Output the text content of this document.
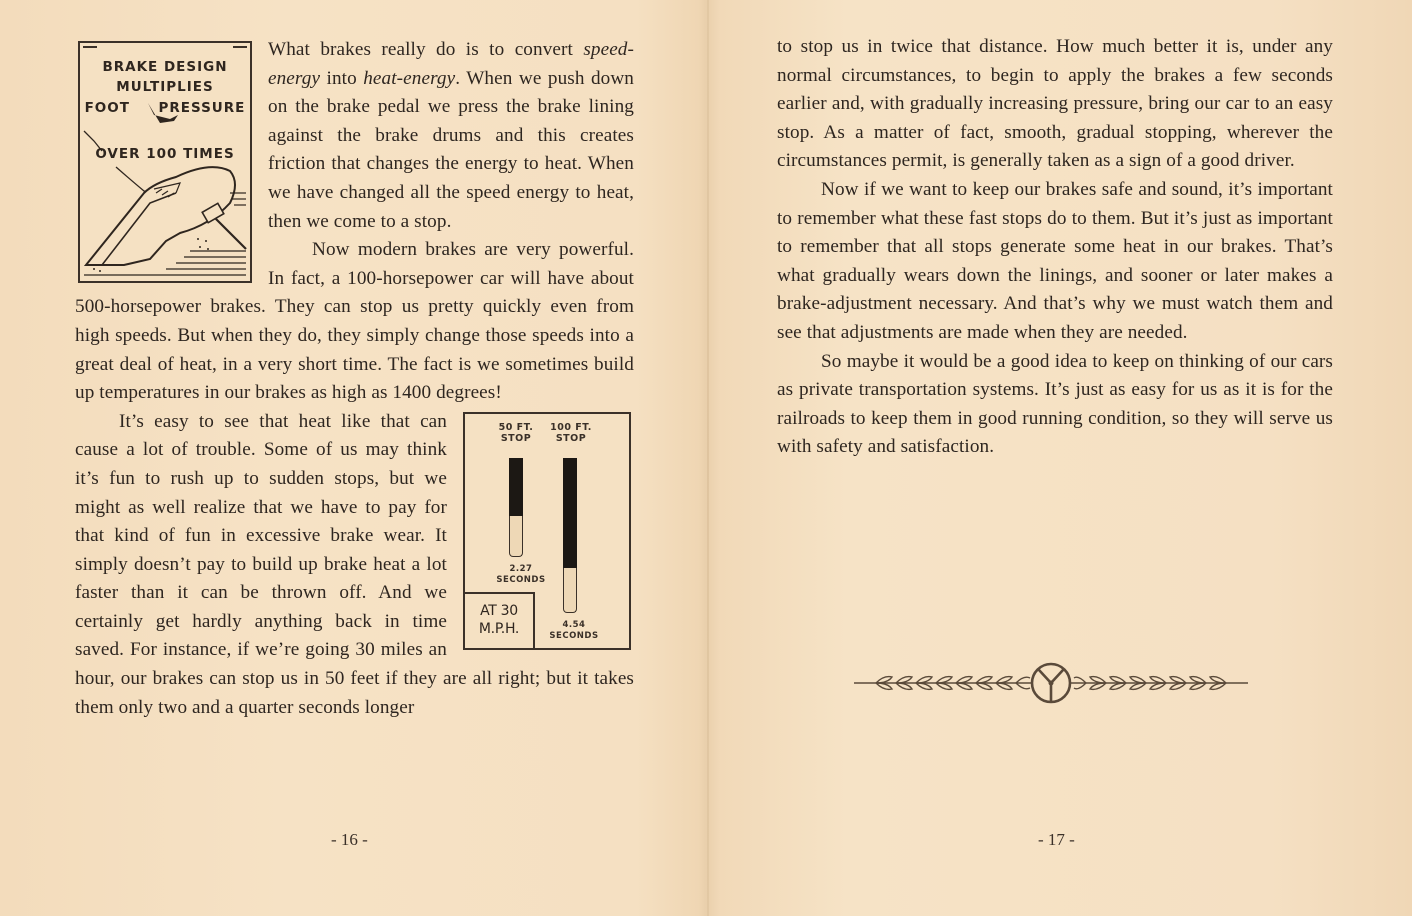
BRAKE DESIGN
MULTIPLIES
FOOT     PRESSURE
OVER 100 TIMES

What brakes really do is to convert speed-energy into heat-energy. When we push down on the brake pedal we press the brake lining against the brake drums and this creates friction that changes the energy to heat. When we have changed all the speed energy to heat, then we come to a stop.

Now modern brakes are very powerful. In fact, a 100-horsepower car will have about 500-horsepower brakes. They can stop us pretty quickly even from high speeds. But when they do, they simply change those speeds into a great deal of heat, in a very short time. The fact is we sometimes build up temperatures in our brakes as high as 1400 degrees!

50 FT.
STOP
100 FT.
STOP
2.27
SECONDS
4.54
SECONDS
AT 30
M.P.H.

It’s easy to see that heat like that can cause a lot of trouble. Some of us may think it’s fun to rush up to sudden stops, but we might as well realize that we have to pay for that kind of fun in excessive brake wear. It simply doesn’t pay to build up brake heat a lot faster than it can be thrown off. And we certainly get hardly anything back in time saved. For instance, if we’re going 30 miles an hour, our brakes can stop us in 50 feet if they are all right; but it takes them only two and a quarter seconds longer

- 16 -

to stop us in twice that distance. How much better it is, under any normal circumstances, to begin to apply the brakes a few seconds earlier and, with gradually increasing pressure, bring our car to an easy stop. As a matter of fact, smooth, gradual stopping, wherever the circumstances permit, is generally taken as a sign of a good driver.

Now if we want to keep our brakes safe and sound, it’s important to remember what these fast stops do to them. But it’s just as important to remember that all stops generate some heat in our brakes. That’s what gradually wears down the linings, and sooner or later makes a brake-adjustment necessary. And that’s why we must watch them and see that adjustments are made when they are needed.

So maybe it would be a good idea to keep on thinking of our cars as private transportation systems. It’s just as easy for us as it is for the railroads to keep them in good running condition, so they will serve us with safety and satisfaction.

- 17 -
